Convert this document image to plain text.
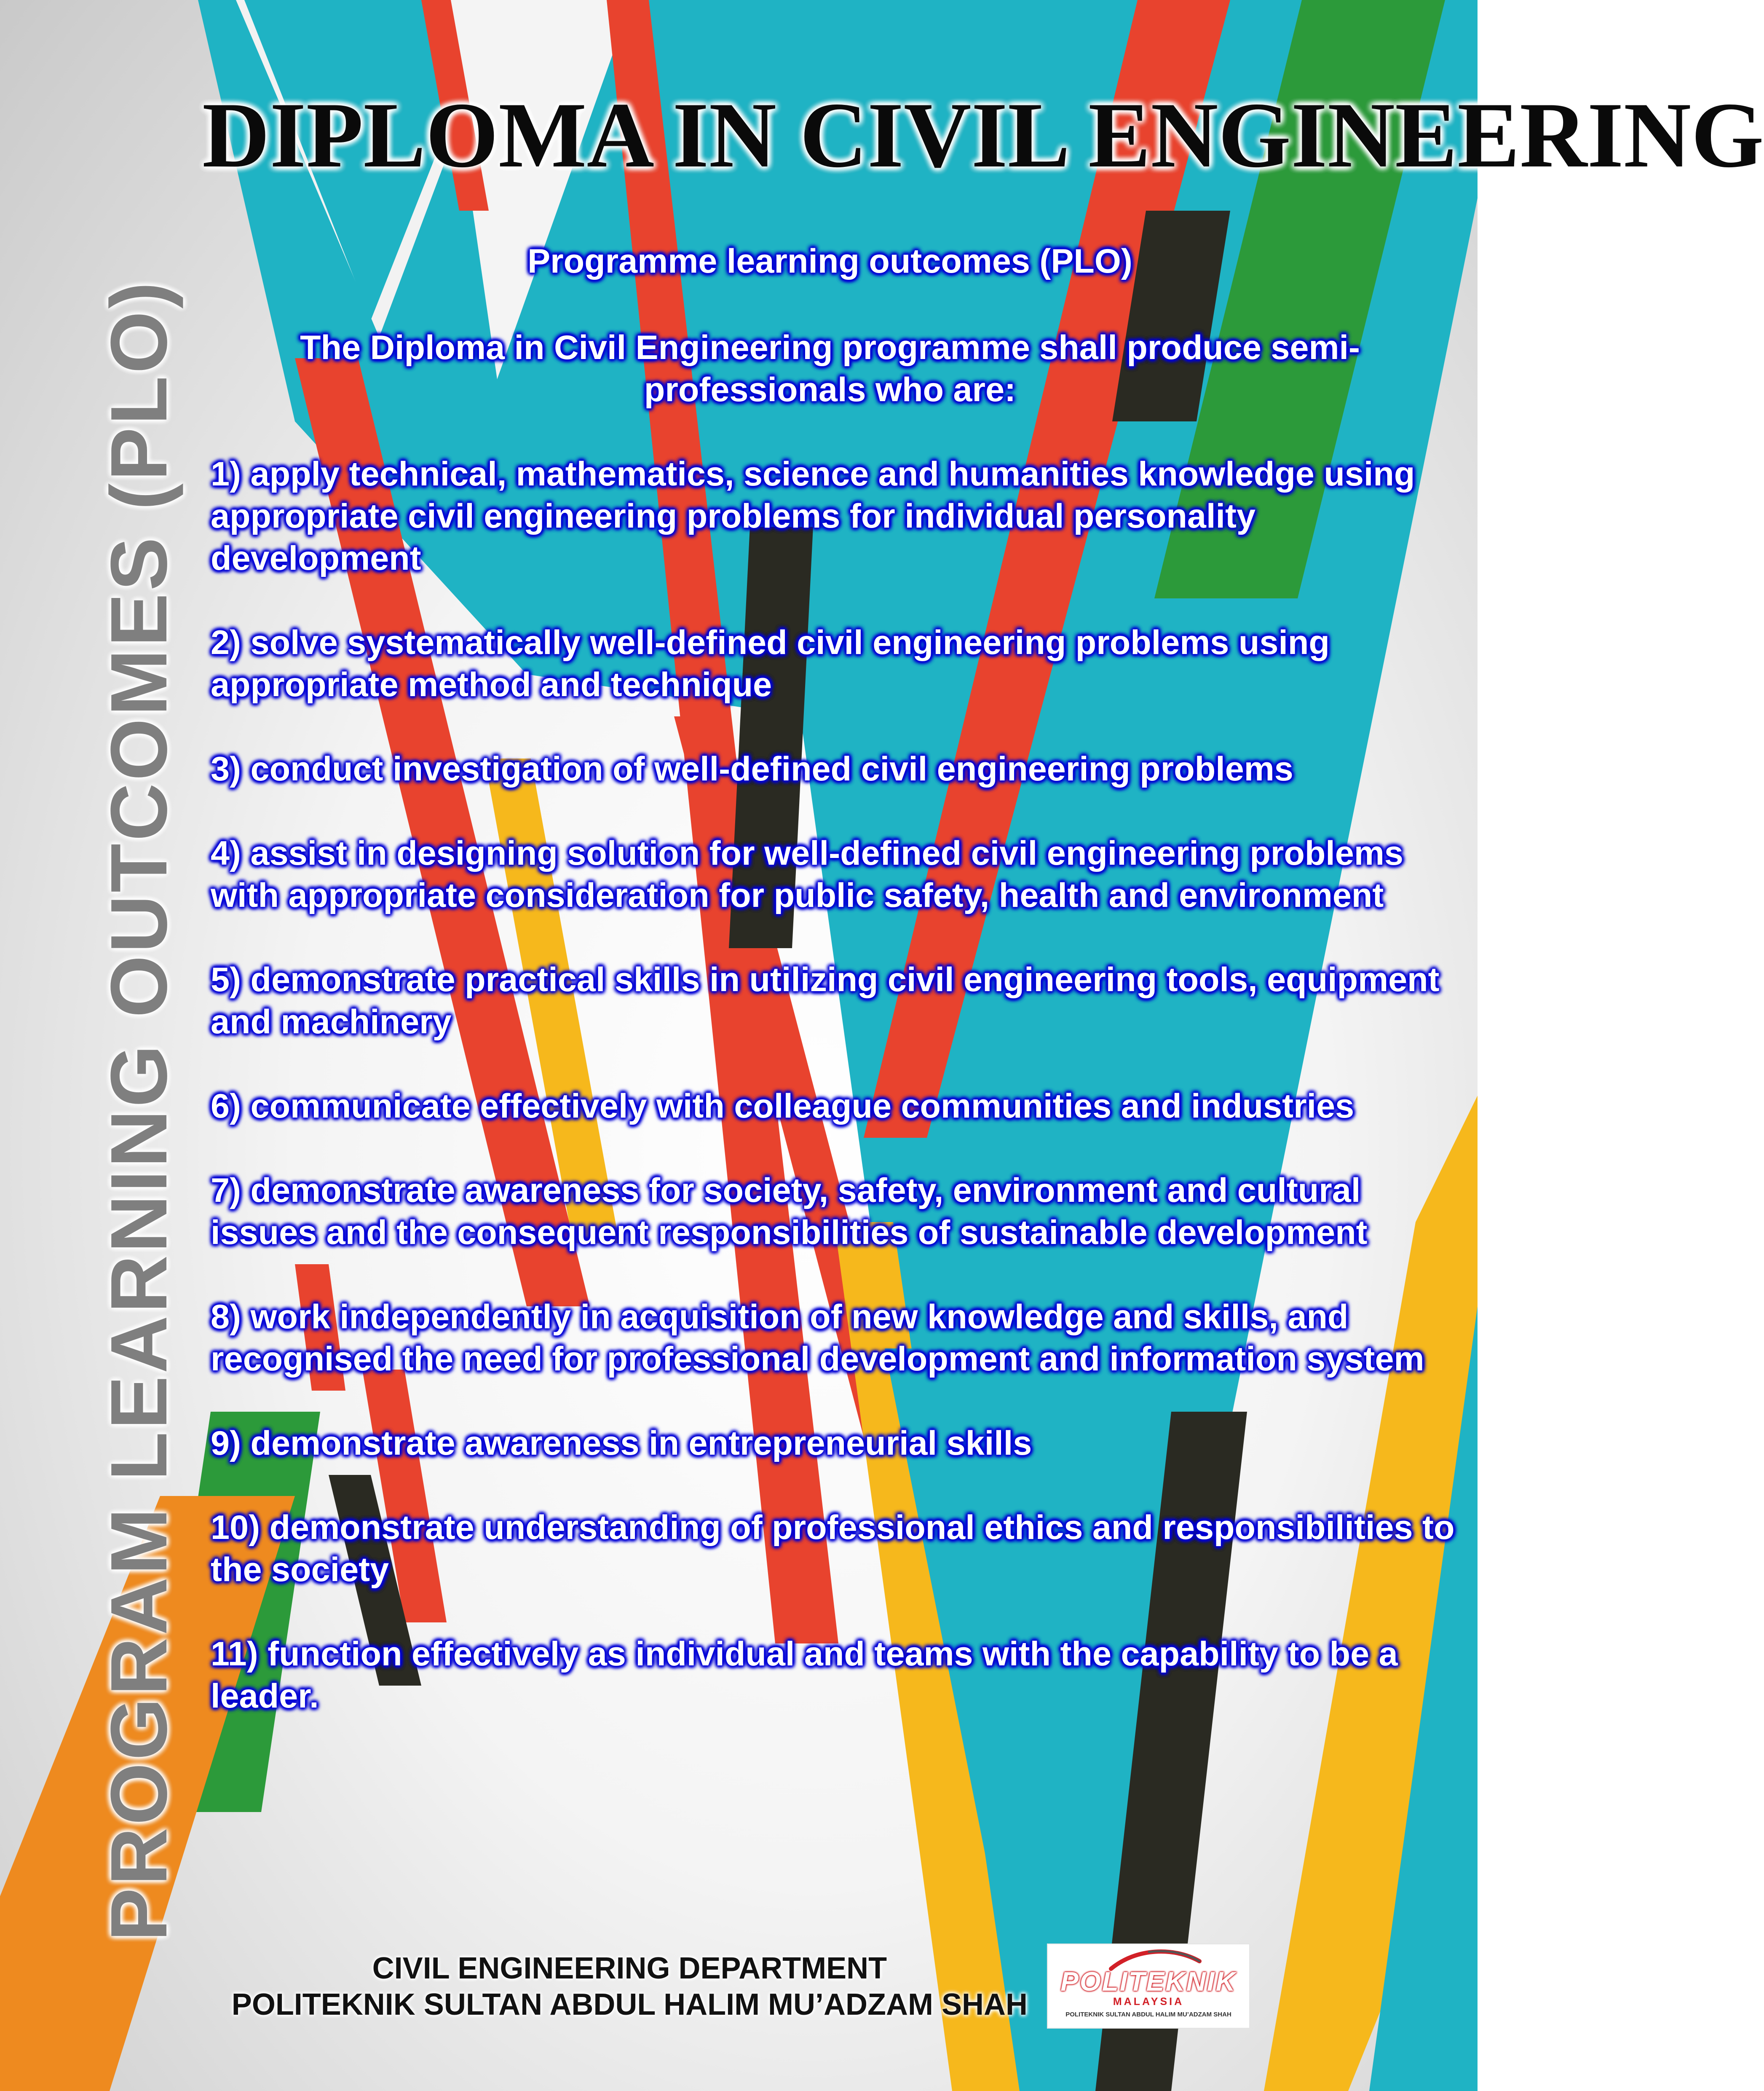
PROGRAM LEARNING OUTCOMES (PLO)
DIPLOMA IN CIVIL ENGINEERING

Programme learning outcomes (PLO)

The Diploma in Civil Engineering programme shall produce semi-professionals who are:

1) apply technical, mathematics, science and humanities knowledge using appropriate civil engineering problems for individual personality development
2) solve systematically well-defined civil engineering problems using appropriate method and technique
3) conduct investigation of well-defined civil engineering problems
4) assist in designing solution for well-defined civil engineering problems with appropriate consideration for public safety, health and environment
5) demonstrate practical skills in utilizing civil engineering tools, equipment and machinery
6) communicate effectively with colleague communities and industries
7) demonstrate awareness for society, safety, environment and cultural issues and the consequent responsibilities of sustainable development
8) work independently in acquisition of new knowledge and skills, and recognised the need for professional development and information system
9) demonstrate awareness in entrepreneurial skills
10) demonstrate understanding of professional ethics and responsibilities to the society
11) function effectively as individual and teams with the capability to be a leader.
CIVIL ENGINEERING DEPARTMENT
POLITEKNIK SULTAN ABDUL HALIM MU’ADZAM SHAH
POLITEKNIK
MALAYSIA
POLITEKNIK SULTAN ABDUL HALIM MU’ADZAM SHAH
